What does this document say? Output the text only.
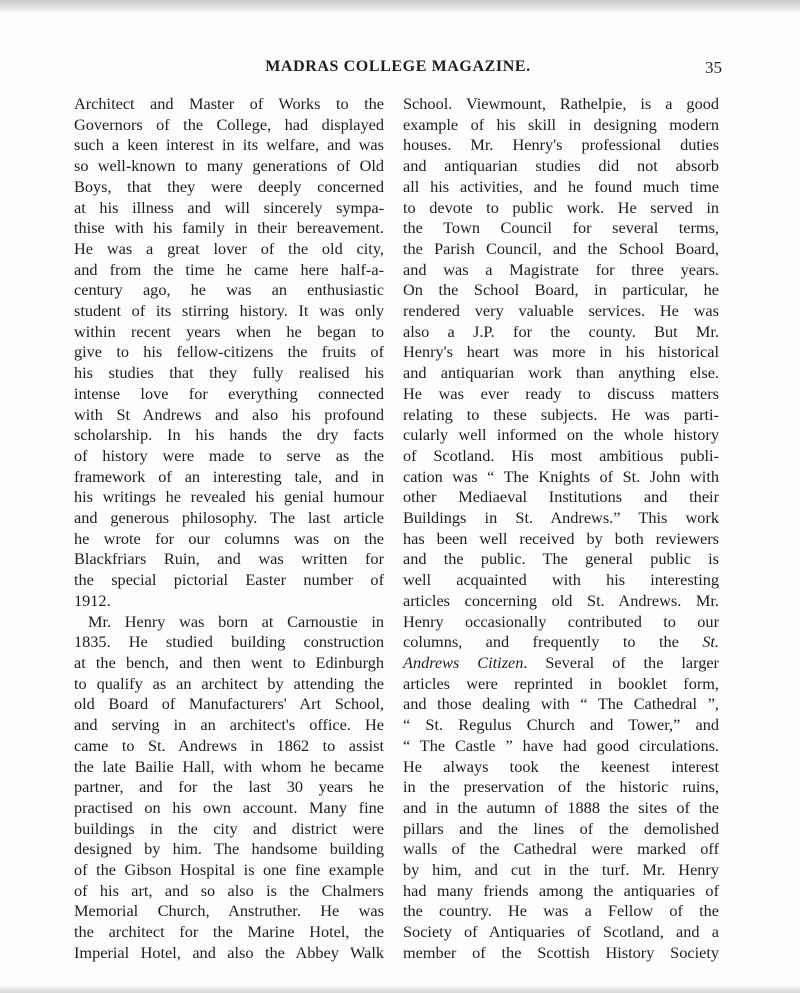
MADRAS COLLEGE MAGAZINE.	35
Architect and Master of Works to the
Governors of the College, had displayed
such a keen interest in its welfare, and was
so well-known to many generations of Old
Boys, that they were deeply concerned
at his illness and will sincerely sympa-
thise with his family in their bereavement.
He was a great lover of the old city,
and from the time he came here half-a-
century ago, he was an enthusiastic
student of its stirring history. It was only
within recent years when he began to
give to his fellow-citizens the fruits of
his studies that they fully realised his
intense love for everything connected
with St Andrews and also his profound
scholarship. In his hands the dry facts
of history were made to serve as the
framework of an interesting tale, and in
his writings he revealed his genial humour
and generous philosophy. The last article
he wrote for our columns was on the
Blackfriars Ruin, and was written for
the special pictorial Easter number of
1912.
Mr. Henry was born at Carnoustie in
1835. He studied building construction
at the bench, and then went to Edinburgh
to qualify as an architect by attending the
old Board of Manufacturers' Art School,
and serving in an architect's office. He
came to St. Andrews in 1862 to assist
the late Bailie Hall, with whom he became
partner, and for the last 30 years he
practised on his own account. Many fine
buildings in the city and district were
designed by him. The handsome building
of the Gibson Hospital is one fine example
of his art, and so also is the Chalmers
Memorial Church, Anstruther. He was
the architect for the Marine Hotel, the
Imperial Hotel, and also the Abbey Walk
School. Viewmount, Rathelpie, is a good
example of his skill in designing modern
houses. Mr. Henry's professional duties
and antiquarian studies did not absorb
all his activities, and he found much time
to devote to public work. He served in
the Town Council for several terms,
the Parish Council, and the School Board,
and was a Magistrate for three years.
On the School Board, in particular, he
rendered very valuable services. He was
also a J.P. for the county. But Mr.
Henry's heart was more in his historical
and antiquarian work than anything else.
He was ever ready to discuss matters
relating to these subjects. He was parti-
cularly well informed on the whole history
of Scotland. His most ambitious publi-
cation was “ The Knights of St. John with
other Mediaeval Institutions and their
Buildings in St. Andrews.” This work
has been well received by both reviewers
and the public. The general public is
well acquainted with his interesting
articles concerning old St. Andrews. Mr.
Henry occasionally contributed to our
columns, and frequently to the St.
Andrews Citizen. Several of the larger
articles were reprinted in booklet form,
and those dealing with “ The Cathedral ”,
“ St. Regulus Church and Tower,” and
“ The Castle ” have had good circulations.
He always took the keenest interest
in the preservation of the historic ruins,
and in the autumn of 1888 the sites of the
pillars and the lines of the demolished
walls of the Cathedral were marked off
by him, and cut in the turf. Mr. Henry
had many friends among the antiquaries of
the country. He was a Fellow of the
Society of Antiquaries of Scotland, and a
member of the Scottish History Society
